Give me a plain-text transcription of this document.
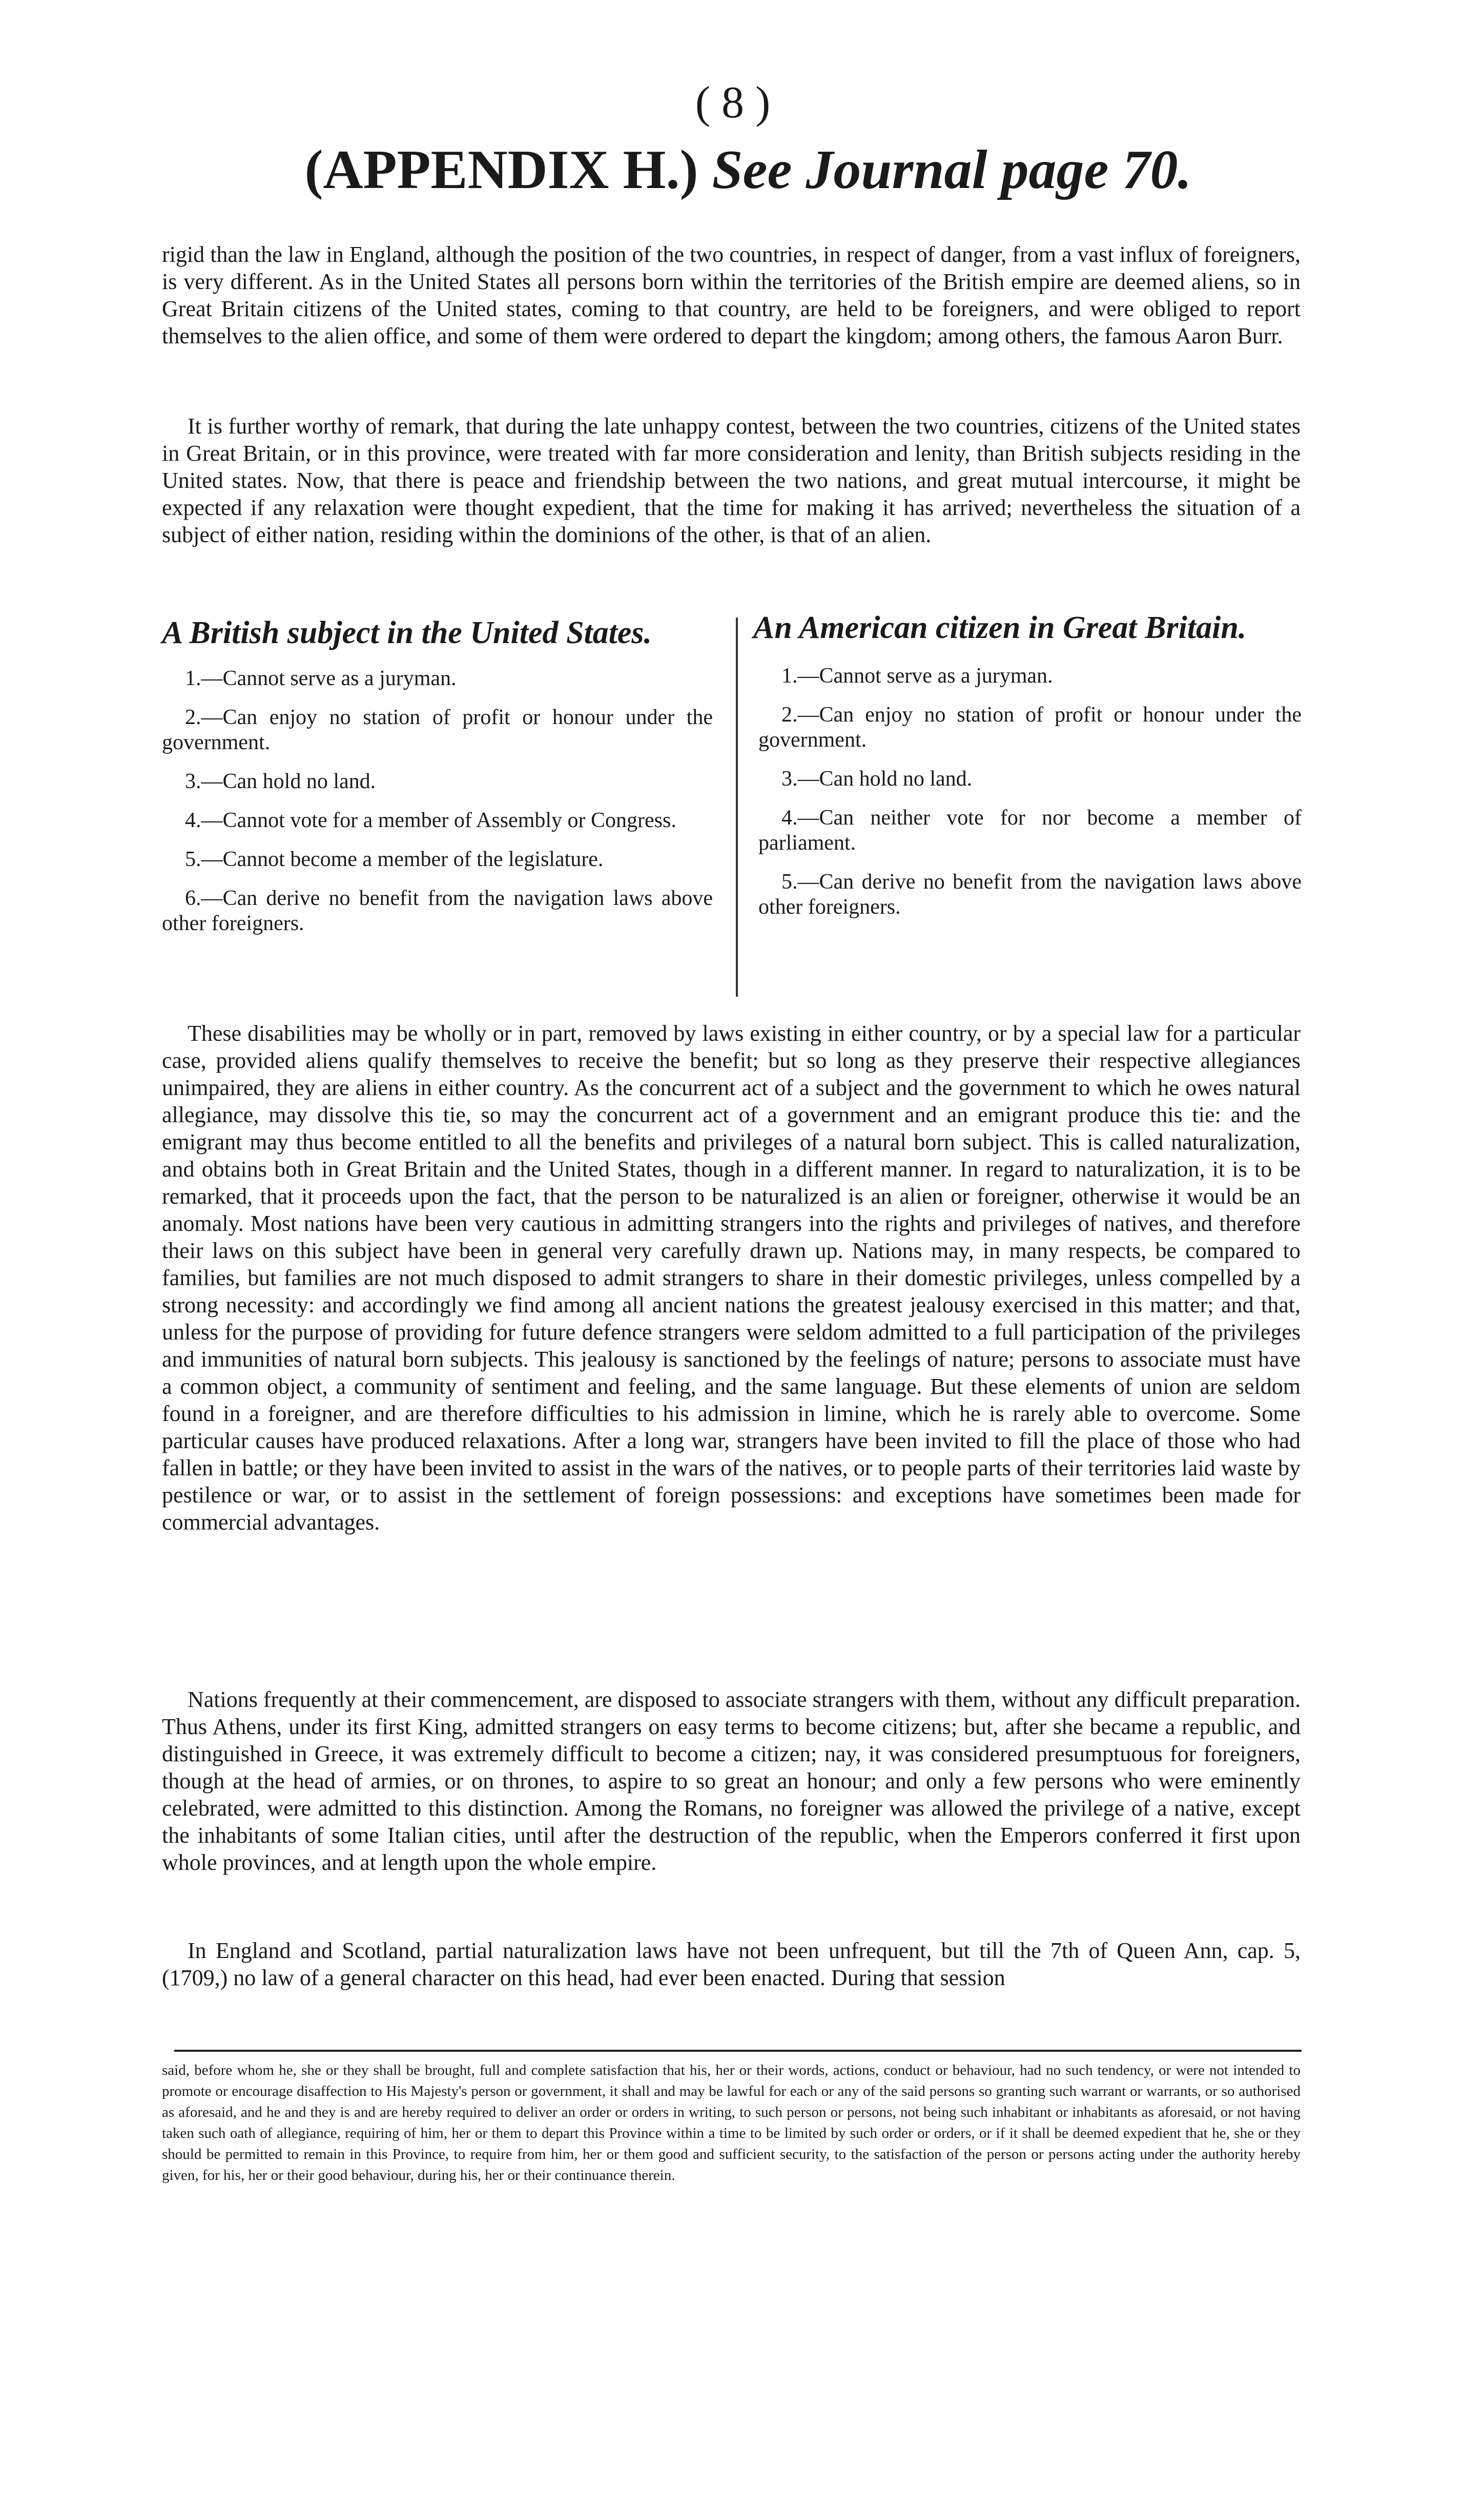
( 8 )
(APPENDIX H.) See Journal page 70.

rigid than the law in England, although the position of the two countries, in respect of danger, from a vast influx of foreigners, is very different. As in the United States all persons born within the territories of the British empire are deemed aliens, so in Great Britain citizens of the United states, coming to that country, are held to be foreigners, and were obliged to report themselves to the alien office, and some of them were ordered to depart the kingdom; among others, the famous Aaron Burr.

It is further worthy of remark, that during the late unhappy contest, between the two countries, citizens of the United states in Great Britain, or in this province, were treated with far more consideration and lenity, than British subjects residing in the United states. Now, that there is peace and friendship between the two nations, and great mutual intercourse, it might be expected if any relaxation were thought expedient, that the time for making it has arrived; nevertheless the situation of a subject of either nation, residing within the dominions of the other, is that of an alien.

A British subject in the United States.	An American citizen in Great Britain.

1.—Cannot serve as a juryman.

2.—Can enjoy no station of profit or honour under the government.

3.—Can hold no land.

4.—Cannot vote for a member of Assembly or Congress.

5.—Cannot become a member of the legislature.

6.—Can derive no benefit from the navigation laws above other foreigners.

1.—Cannot serve as a juryman.

2.—Can enjoy no station of profit or honour under the government.

3.—Can hold no land.

4.—Can neither vote for nor become a member of parliament.

5.—Can derive no benefit from the navigation laws above other foreigners.

These disabilities may be wholly or in part, removed by laws existing in either country, or by a special law for a particular case, provided aliens qualify themselves to receive the benefit; but so long as they preserve their respective allegiances unimpaired, they are aliens in either country. As the concurrent act of a subject and the government to which he owes natural allegiance, may dissolve this tie, so may the concurrent act of a government and an emigrant produce this tie: and the emigrant may thus become entitled to all the benefits and privileges of a natural born subject. This is called naturalization, and obtains both in Great Britain and the United States, though in a different manner. In regard to naturalization, it is to be remarked, that it proceeds upon the fact, that the person to be naturalized is an alien or foreigner, otherwise it would be an anomaly. Most nations have been very cautious in admitting strangers into the rights and privileges of natives, and therefore their laws on this subject have been in general very carefully drawn up. Nations may, in many respects, be compared to families, but families are not much disposed to admit strangers to share in their domestic privileges, unless compelled by a strong necessity: and accordingly we find among all ancient nations the greatest jealousy exercised in this matter; and that, unless for the purpose of providing for future defence strangers were seldom admitted to a full participation of the privileges and immunities of natural born subjects. This jealousy is sanctioned by the feelings of nature; persons to associate must have a common object, a community of sentiment and feeling, and the same language. But these elements of union are seldom found in a foreigner, and are therefore difficulties to his admission in limine, which he is rarely able to overcome. Some particular causes have produced relaxations. After a long war, strangers have been invited to fill the place of those who had fallen in battle; or they have been invited to assist in the wars of the natives, or to people parts of their territories laid waste by pestilence or war, or to assist in the settlement of foreign possessions: and exceptions have sometimes been made for commercial advantages.

Nations frequently at their commencement, are disposed to associate strangers with them, without any difficult preparation. Thus Athens, under its first King, admitted strangers on easy terms to become citizens; but, after she became a republic, and distinguished in Greece, it was extremely difficult to become a citizen; nay, it was considered presumptuous for foreigners, though at the head of armies, or on thrones, to aspire to so great an honour; and only a few persons who were eminently celebrated, were admitted to this distinction. Among the Romans, no foreigner was allowed the privilege of a native, except the inhabitants of some Italian cities, until after the destruction of the republic, when the Emperors conferred it first upon whole provinces, and at length upon the whole empire.

In England and Scotland, partial naturalization laws have not been unfrequent, but till the 7th of Queen Ann, cap. 5, (1709,) no law of a general character on this head, had ever been enacted. During that session

said, before whom he, she or they shall be brought, full and complete satisfaction that his, her or their words, actions, conduct or behaviour, had no such tendency, or were not intended to promote or encourage disaffection to His Majesty's person or government, it shall and may be lawful for each or any of the said persons so granting such warrant or warrants, or so authorised as aforesaid, and he and they is and are hereby required to deliver an order or orders in writing, to such person or persons, not being such inhabitant or inhabitants as aforesaid, or not having taken such oath of allegiance, requiring of him, her or them to depart this Province within a time to be limited by such order or orders, or if it shall be deemed expedient that he, she or they should be permitted to remain in this Province, to require from him, her or them good and sufficient security, to the satisfaction of the person or persons acting under the authority hereby given, for his, her or their good behaviour, during his, her or their continuance therein.
